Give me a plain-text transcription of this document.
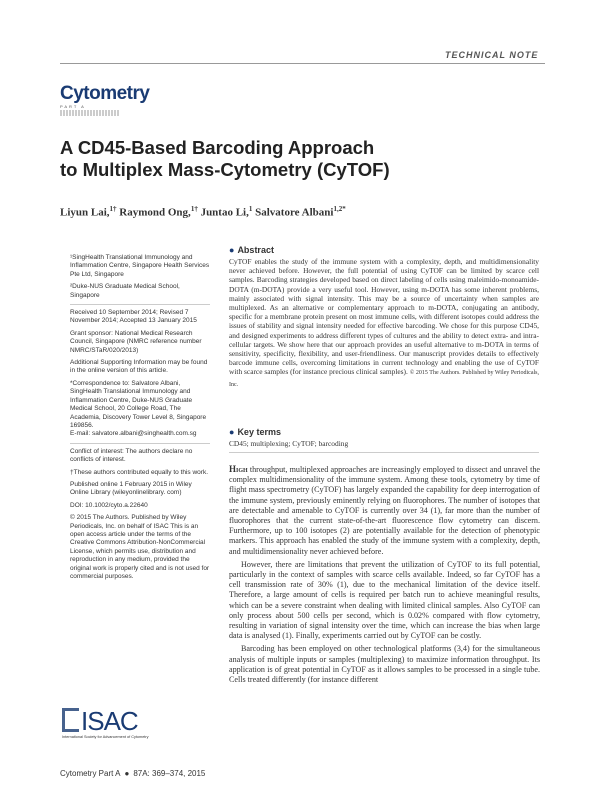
TECHNICAL NOTE
Cytometry
PART A
A CD45-Based Barcoding Approach
to Multiplex Mass-Cytometry (CyTOF)
Liyun Lai,$^{1\dagger}$ Raymond Ong,$^{1\dagger}$ Juntao Li,$^1$ Salvatore Albani$^{1,2*}$

¹SingHealth Translational Immunology and Inflammation Centre, Singapore Health Services Pte Ltd, Singapore

²Duke-NUS Graduate Medical School, Singapore

Received 10 September 2014; Revised 7 November 2014; Accepted 13 January 2015

Grant sponsor: National Medical Research Council, Singapore (NMRC reference number NMRC/STaR/020/2013)

Additional Supporting Information may be found in the online version of this article.

*Correspondence to: Salvatore Albani, SingHealth Translational Immunology and Inflammation Centre, Duke-NUS Graduate Medical School, 20 College Road, The Academia, Discovery Tower Level 8, Singapore 169856.
E-mail: salvatore.albani@singhealth.com.sg

Conflict of interest: The authors declare no conflicts of interest.

†These authors contributed equally to this work.

Published online 1 February 2015 in Wiley Online Library (wileyonlinelibrary. com)

DOI: 10.1002/cyto.a.22640

© 2015 The Authors. Published by Wiley Periodicals, Inc. on behalf of ISAC This is an open access article under the terms of the Creative Commons Attribution-NonCommercial License, which permits use, distribution and reproduction in any medium, provided the original work is properly cited and is not used for commercial purposes.

● Abstract

CyTOF enables the study of the immune system with a complexity, depth, and multidimensionality never achieved before. However, the full potential of using CyTOF can be limited by scarce cell samples. Barcoding strategies developed based on direct labeling of cells using maleimido-monoamide-DOTA (m-DOTA) provide a very useful tool. However, using m-DOTA has some inherent problems, mainly associated with signal intensity. This may be a source of uncertainty when samples are multiplexed. As an alternative or complementary approach to m-DOTA, conjugating an antibody, specific for a membrane protein present on most immune cells, with different isotopes could address the issues of stability and signal intensity needed for effective barcoding. We chose for this purpose CD45, and designed experiments to address different types of cultures and the ability to detect extra- and intra-cellular targets. We show here that our approach provides an useful alternative to m-DOTA in terms of sensitivity, specificity, flexibility, and user-friendliness. Our manuscript provides details to effectively barcode immune cells, overcoming limitations in current technology and enabling the use of CyTOF with scarce samples (for instance precious clinical samples). © 2015 The Authors. Published by Wiley Periodicals, Inc.

● Key terms

CD45; multiplexing; CyTOF; barcoding

High throughput, multiplexed approaches are increasingly employed to dissect and unravel the complex multidimensionality of the immune system. Among these tools, cytometry by time of flight mass spectrometry (CyTOF) has largely expanded the capability for deep interrogation of the immune system, previously eminently relying on fluorophores. The number of isotopes that are detectable and amenable to CyTOF is currently over 34 (1), far more than the number of fluorophores that the current state-of-the-art fluorescence flow cytometry can discern. Furthermore, up to 100 isotopes (2) are potentially available for the detection of phenotypic markers. This approach has enabled the study of the immune system with a complexity, depth, and multidimensionality never achieved before.

However, there are limitations that prevent the utilization of CyTOF to its full potential, particularly in the context of samples with scarce cells available. Indeed, so far CyTOF has a cell transmission rate of 30% (1), due to the mechanical limitation of the device itself. Therefore, a large amount of cells is required per batch run to achieve meaningful results, which can be a severe constraint when dealing with limited clinical samples. Also CyTOF can only process about 500 cells per second, which is 0.02% compared with flow cytometry, resulting in variation of signal intensity over the time, which can increase the bias when large data is analysed (1). Finally, experiments carried out by CyTOF can be costly.

Barcoding has been employed on other technological platforms (3,4) for the simultaneous analysis of multiple inputs or samples (multiplexing) to maximize information throughput. Its application is of great potential in CyTOF as it allows samples to be processed in a single tube. Cells treated differently (for instance different

ISAC
International Society for Advancement of Cytometry
Cytometry Part A ● 87A: 369–374, 2015
